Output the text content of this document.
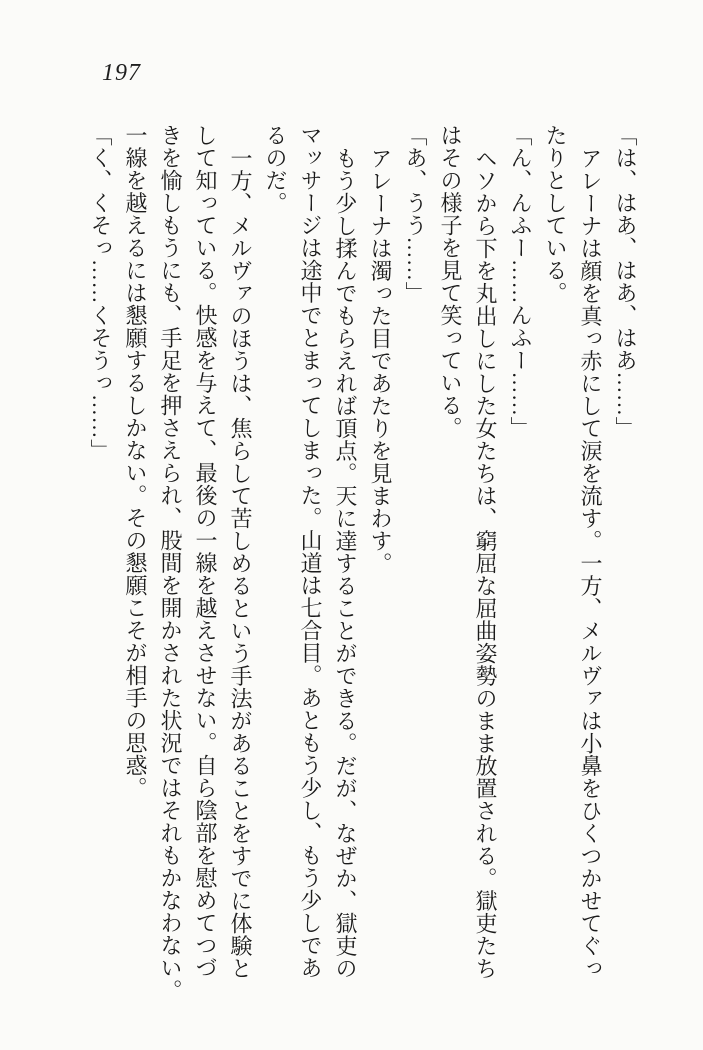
197
「は、はあ、はあ、はあ……」
アレーナは顔を真っ赤にして涙を流す。一方、メルヴァは小鼻をひくつかせてぐっ
たりとしている。
「ん、んふー……んふー……」
ヘソから下を丸出しにした女たちは、窮屈な屈曲姿勢のまま放置される。獄吏たち
はその様子を見て笑っている。
「あ、うう……」
アレーナは濁った目であたりを見まわす。
もう少し揉んでもらえれば頂点。天に達することができる。だが、なぜか、獄吏の
マッサージは途中でとまってしまった。山道は七合目。あともう少し、もう少しであ
るのだ。
一方、メルヴァのほうは、焦らして苦しめるという手法があることをすでに体験と
して知っている。快感を与えて、最後の一線を越えさせない。自ら陰部を慰めてつづ
きを愉しもうにも、手足を押さえられ、股間を開かされた状況ではそれもかなわない。
一線を越えるには懇願するしかない。その懇願こそが相手の思惑。
「く、くそっ……くそうっ……」
